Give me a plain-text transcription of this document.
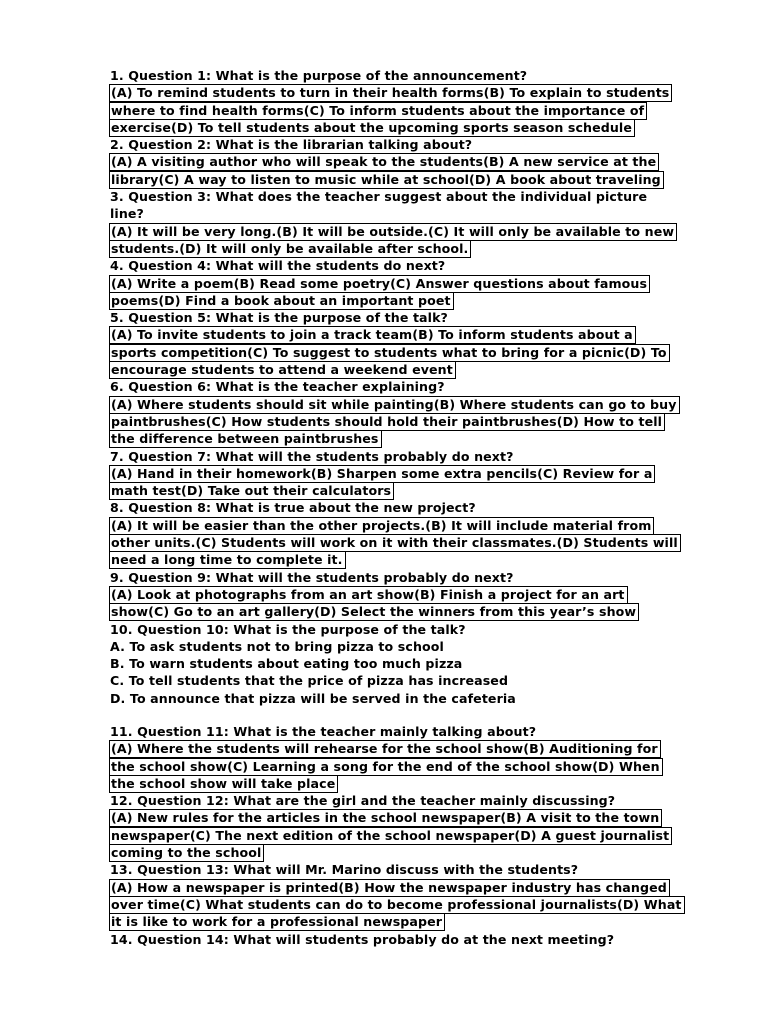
1. Question 1: What is the purpose of the announcement?
(A) To remind students to turn in their health forms(B) To explain to students
where to find health forms(C) To inform students about the importance of
exercise(D) To tell students about the upcoming sports season schedule
2. Question 2: What is the librarian talking about?
(A) A visiting author who will speak to the students(B) A new service at the
library(C) A way to listen to music while at school(D) A book about traveling
3. Question 3: What does the teacher suggest about the individual picture
line?
(A) It will be very long.(B) It will be outside.(C) It will only be available to new
students.(D) It will only be available after school.
4. Question 4: What will the students do next?
(A) Write a poem(B) Read some poetry(C) Answer questions about famous
poems(D) Find a book about an important poet
5. Question 5: What is the purpose of the talk?
(A) To invite students to join a track team(B) To inform students about a
sports competition(C) To suggest to students what to bring for a picnic(D) To
encourage students to attend a weekend event
6. Question 6: What is the teacher explaining?
(A) Where students should sit while painting(B) Where students can go to buy
paintbrushes(C) How students should hold their paintbrushes(D) How to tell
the difference between paintbrushes
7. Question 7: What will the students probably do next?
(A) Hand in their homework(B) Sharpen some extra pencils(C) Review for a
math test(D) Take out their calculators
8. Question 8: What is true about the new project?
(A) It will be easier than the other projects.(B) It will include material from
other units.(C) Students will work on it with their classmates.(D) Students will
need a long time to complete it.
9. Question 9: What will the students probably do next?
(A) Look at photographs from an art show(B) Finish a project for an art
show(C) Go to an art gallery(D) Select the winners from this year’s show
10. Question 10: What is the purpose of the talk?
A. To ask students not to bring pizza to school
B. To warn students about eating too much pizza
C. To tell students that the price of pizza has increased
D. To announce that pizza will be served in the cafeteria
11. Question 11: What is the teacher mainly talking about?
(A) Where the students will rehearse for the school show(B) Auditioning for
the school show(C) Learning a song for the end of the school show(D) When
the school show will take place
12. Question 12: What are the girl and the teacher mainly discussing?
(A) New rules for the articles in the school newspaper(B) A visit to the town
newspaper(C) The next edition of the school newspaper(D) A guest journalist
coming to the school
13. Question 13: What will Mr. Marino discuss with the students?
(A) How a newspaper is printed(B) How the newspaper industry has changed
over time(C) What students can do to become professional journalists(D) What
it is like to work for a professional newspaper
14. Question 14: What will students probably do at the next meeting?
